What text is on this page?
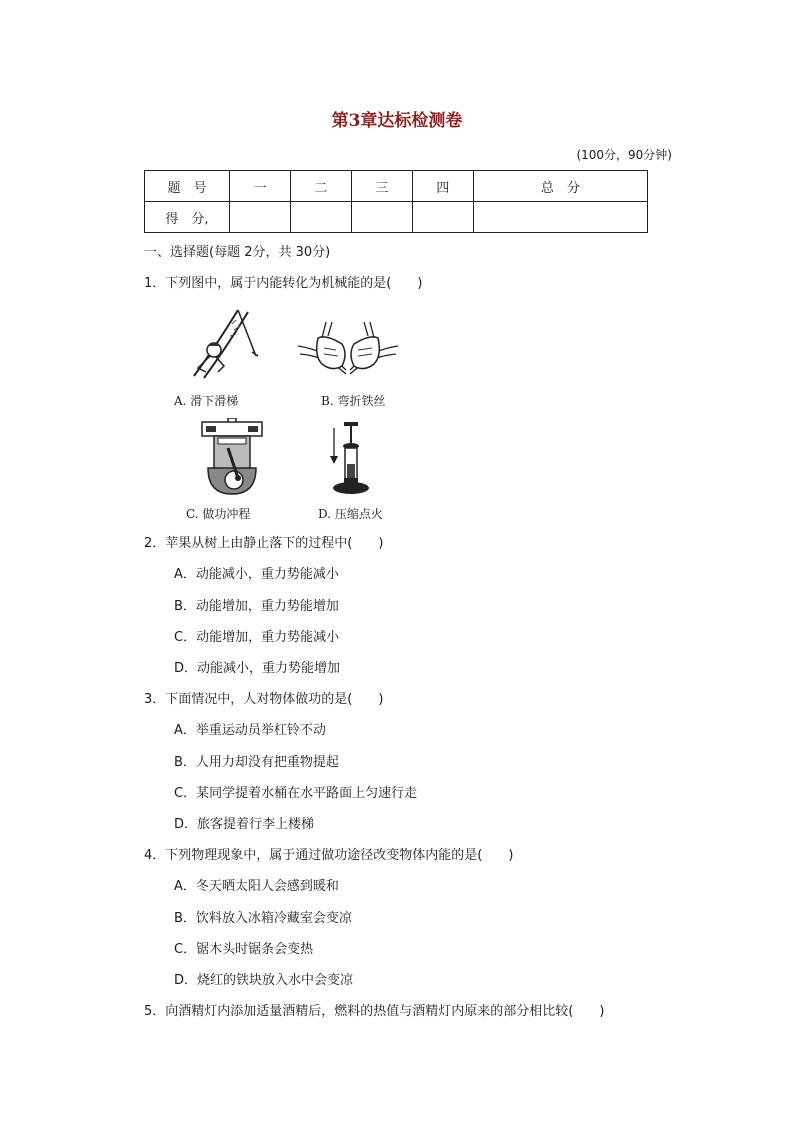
第3章达标检测卷
(100分，90分钟)
题　号	一	二	三	四	总　分
得　分,					
一、选择题(每题 2分，共 30分)
1．下列图中，属于内能转化为机械能的是(　　)
A. 滑下滑梯	B. 弯折铁丝
C. 做功冲程	D. 压缩点火
2．苹果从树上由静止落下的过程中(　　)
A．动能减小，重力势能减小
B．动能增加，重力势能增加
C．动能增加，重力势能减小
D．动能减小，重力势能增加
3．下面情况中，人对物体做功的是(　　)
A．举重运动员举杠铃不动
B．人用力却没有把重物提起
C．某同学提着水桶在水平路面上匀速行走
D．旅客提着行李上楼梯
4．下列物理现象中，属于通过做功途径改变物体内能的是(　　)
A．冬天晒太阳人会感到暖和
B．饮料放入冰箱冷藏室会变凉
C．锯木头时锯条会变热
D．烧红的铁块放入水中会变凉
5．向酒精灯内添加适量酒精后，燃料的热值与酒精灯内原来的部分相比较(　　)
